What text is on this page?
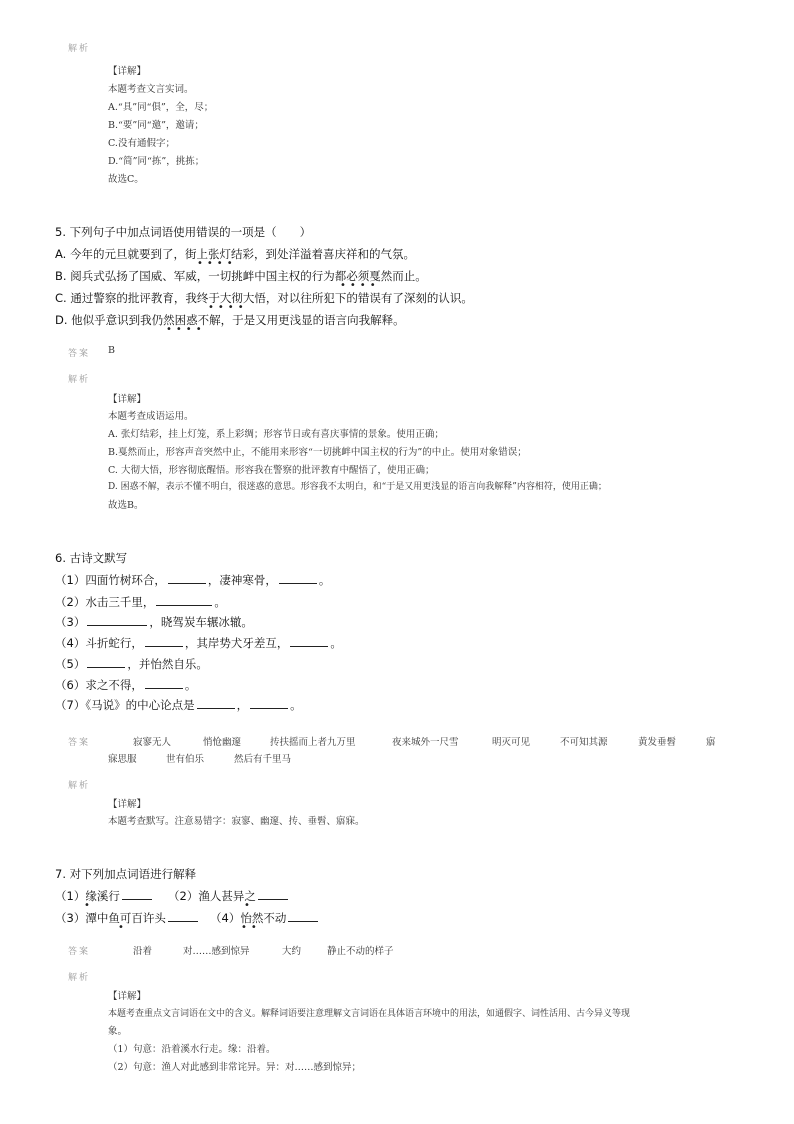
解析
【详解】
本题考查文言实词。
A.“具”同“俱”，全，尽；
B.“要”同“邀”，邀请；
C.没有通假字；
D.“简”同“拣”，挑拣；
故选C。
5. 下列句子中加点词语使用错误的一项是（　　）
A. 今年的元旦就要到了，街上张灯结彩，到处洋溢着喜庆祥和的气氛。
••••
B. 阅兵式弘扬了国威、军威，一切挑衅中国主权的行为都必须戛然而止。
••••
C. 通过警察的批评教育，我终于大彻大悟，对以往所犯下的错误有了深刻的认识。
••••
D. 他似乎意识到我仍然困惑不解，于是又用更浅显的语言向我解释。
••••
答案 B
解析
【详解】
本题考查成语运用。
A. 张灯结彩，挂上灯笼，系上彩绸；形容节日或有喜庆事情的景象。使用正确；
B.戛然而止，形容声音突然中止，不能用来形容“一切挑衅中国主权的行为”的中止。使用对象错误；
C. 大彻大悟，形容彻底醒悟。形容我在警察的批评教育中醒悟了，使用正确；
D. 困惑不解，表示不懂不明白，很迷惑的意思。形容我不太明白，和“于是又用更浅显的语言向我解释”内容相符，使用正确；
故选B。
6. 古诗文默写
（1）四面竹树环合，	，凄神寒骨，	。
（2）水击三千里，	。
（3）	，晓驾炭车辗冰辙。
（4）斗折蛇行，	，其岸势犬牙差互，	。
（5）	，并怡然自乐。
（6）求之不得，	。
（7）《马说》的中心论点是	，	。
答案	寂寥无人	悄怆幽邃	抟扶摇而上者九万里	夜来城外一尺雪	明灭可见	不可知其源	黄发垂髫	寤
寐思服	世有伯乐	然后有千里马
解析
【详解】
本题考查默写。注意易错字：寂寥、幽邃、抟、垂髫、寤寐。
7. 对下列加点词语进行解释
（1）缘溪行
•
（2）渔人甚异之
•
（3）潭中鱼可百许头
•
（4）怡然不动
••
答案	沿着	对……感到惊异	大约	静止不动的样子
解析
【详解】
本题考查重点文言词语在文中的含义。解释词语要注意理解文言词语在具体语言环境中的用法，如通假字、词性活用、古今异义等现
象。
（1）句意：沿着溪水行走。缘：沿着。
（2）句意：渔人对此感到非常诧异。异：对……感到惊异；
